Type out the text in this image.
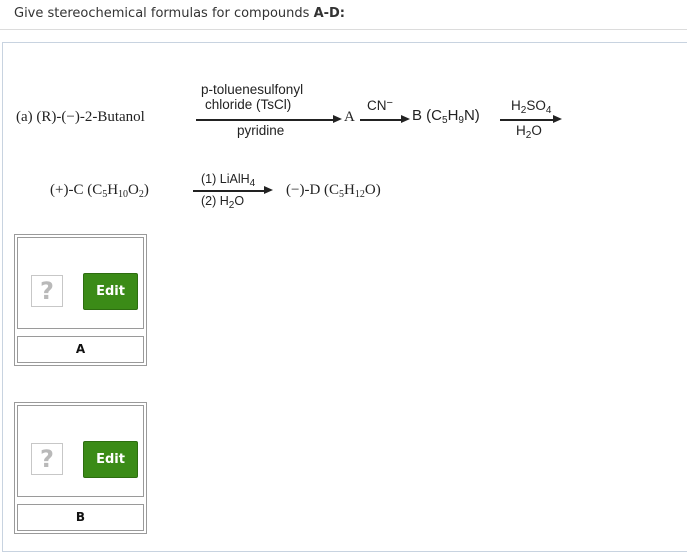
Give stereochemical formulas for compounds A-D:
(a) (R)-(−)-2-Butanol
p-toluenesulfonyl
chloride (TsCl)
pyridine
A
CN−
B $(C_5H_9N)$
$H_2SO_4$
$H_2O$
(+)-C $(C_5H_{10}O_2)$
(1) LiAlH$_4$
(2) $H_2O$
(−)-D $(C_5H_{12}O)$
?	Edit
A
?	Edit
B
